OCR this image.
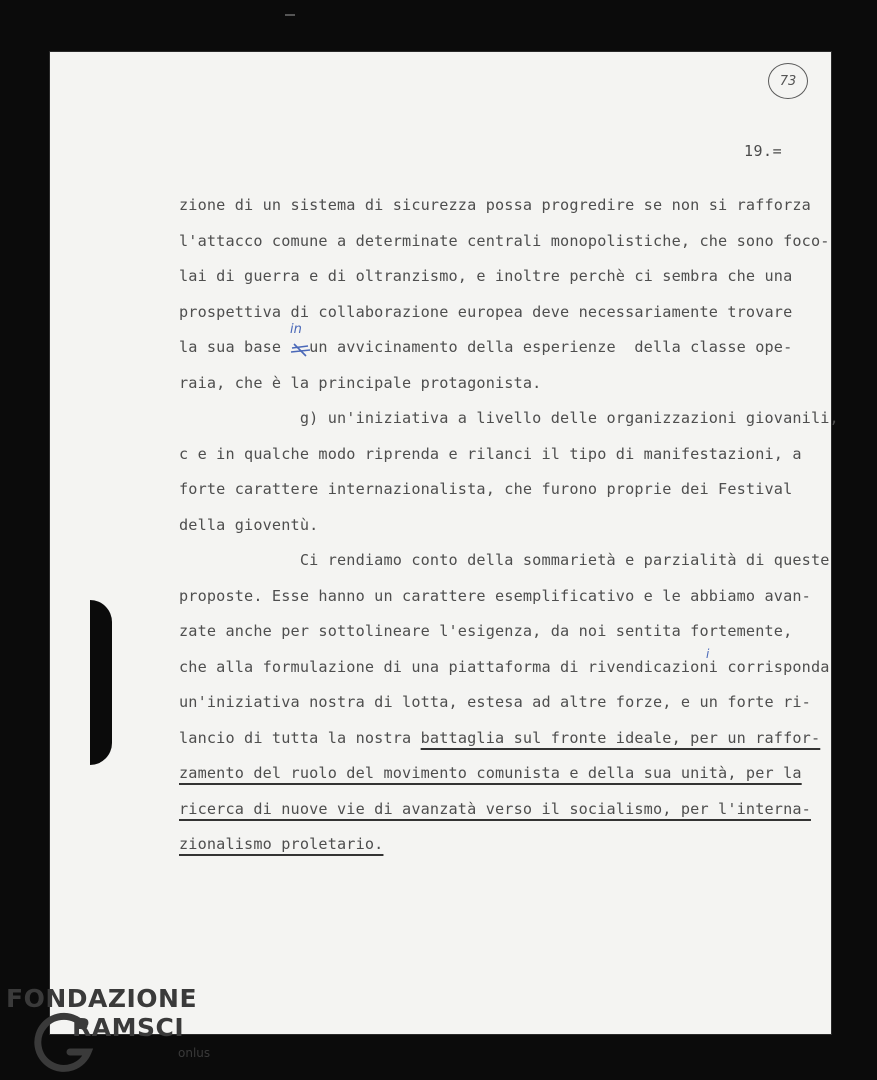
73
19.=
zione di un sistema di sicurezza possa progredire se non si rafforza
l'attacco comune a determinate centrali monopolistiche, che sono foco-
lai di guerra e di oltranzismo, e inoltre perchè ci sembra che una
prospettiva di collaborazione europea deve necessariamente trovare
la sua base   un avvicinamento della esperienze  della classe ope-
raia, che è la principale protagonista.
g) un'iniziativa a livello delle organizzazioni giovanili,
c e in qualche modo riprenda e rilanci il tipo di manifestazioni, a
forte carattere internazionalista, che furono proprie dei Festival
della gioventù.
Ci rendiamo conto della sommarietà e parzialità di queste
proposte. Esse hanno un carattere esemplificativo e le abbiamo avan-
zate anche per sottolineare l'esigenza, da noi sentita fortemente,
che alla formulazione di una piattaforma di rivendicazioni corrisponda
un'iniziativa nostra di lotta, estesa ad altre forze, e un forte ri-
lancio di tutta la nostra battaglia sul fronte ideale, per un raffor-
zamento del ruolo del movimento comunista e della sua unità, per la
ricerca di nuove vie di avanzatà verso il socialismo, per l'interna-
zionalismo proletario.
in
i
FONDAZIONE
RAMSCI
onlus
